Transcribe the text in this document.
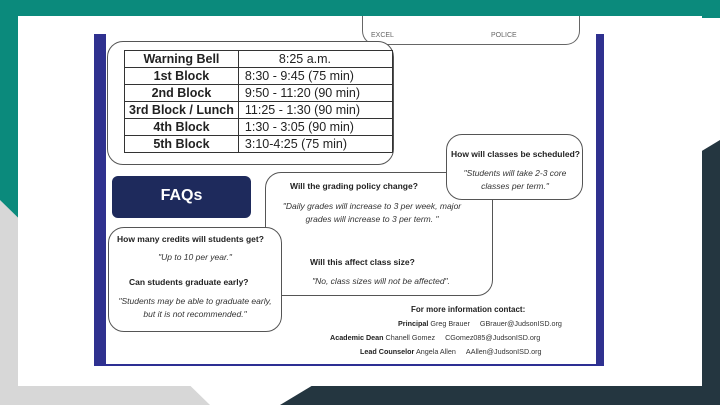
EXCEL	POLICE
Warning Bell	8:25 a.m.
1st Block	8:30 - 9:45 (75 min)
2nd Block	9:50 - 11:20 (90 min)
3rd Block / Lunch	11:25 - 1:30 (90 min)
4th Block	1:30 - 3:05 (90 min)
5th Block	3:10-4:25 (75 min)
FAQs
Will the grading policy change?
"Daily grades will increase to 3 per week, major grades will increase to 3 per term. "
Will this affect class size?
"No, class sizes will not be affected".
How will classes be scheduled?
"Students will take 2-3 core classes per term."
How many credits will students get?
"Up to 10 per year."
Can students graduate early?
"Students may be able to graduate early, but it is not recommended."	For more information contact:
Principal Greg Brauer GBrauer@JudsonISD.org
Academic Dean Chanell Gomez CGomez085@JudsonISD.org
Lead Counselor Angela Allen AAllen@JudsonISD.org
